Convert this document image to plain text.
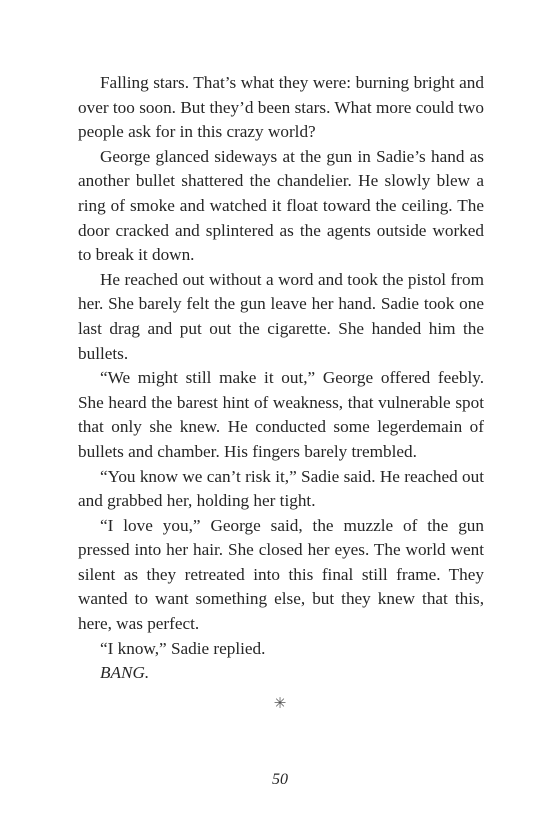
Falling stars. That’s what they were: burning bright and over too soon. But they’d been stars. What more could two people ask for in this crazy world?

George glanced sideways at the gun in Sadie’s hand as another bullet shattered the chandelier. He slowly blew a ring of smoke and watched it float toward the ceiling. The door cracked and splintered as the agents outside worked to break it down.

He reached out without a word and took the pistol from her. She barely felt the gun leave her hand. Sadie took one last drag and put out the cigarette. She handed him the bullets.

“We might still make it out,” George offered feebly. She heard the barest hint of weakness, that vulnerable spot that only she knew. He conducted some legerdemain of bullets and chamber. His fingers barely trembled.

“You know we can’t risk it,” Sadie said. He reached out and grabbed her, holding her tight.

“I love you,” George said, the muzzle of the gun pressed into her hair. She closed her eyes. The world went silent as they retreated into this final still frame. They wanted to want something else, but they knew that this, here, was perfect.

“I know,” Sadie replied.

BANG.

✳
50
